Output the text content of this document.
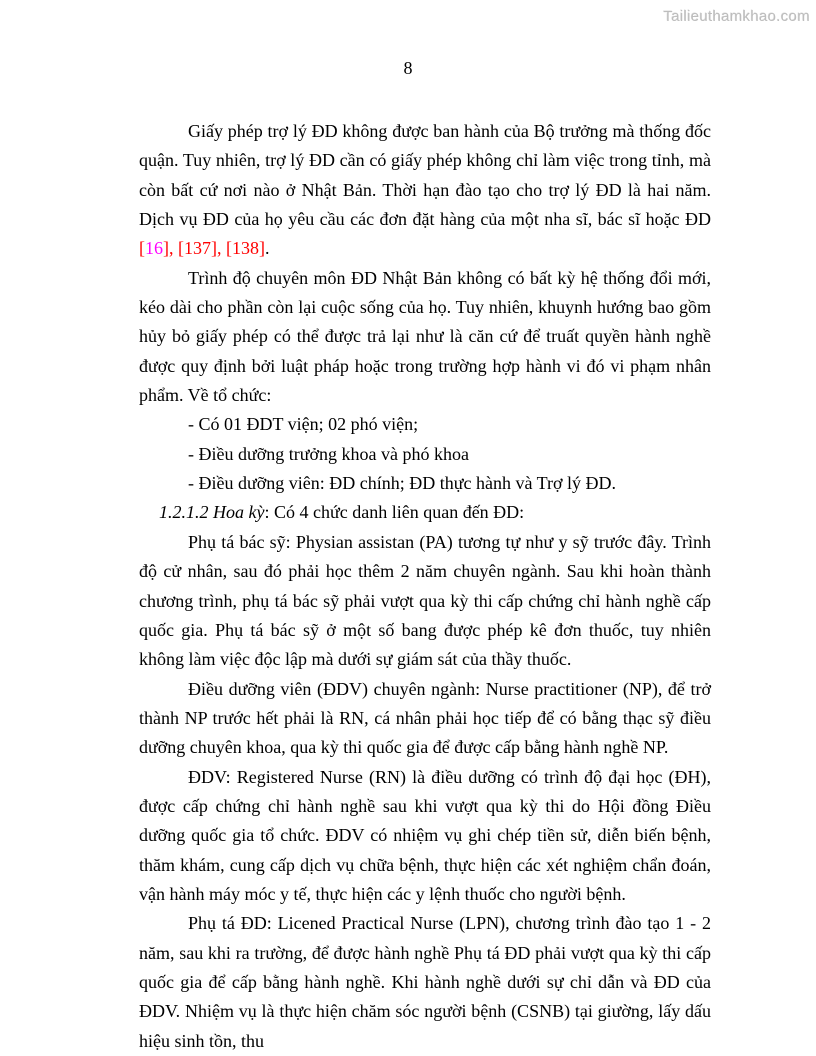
Tailieuthamkhao.com
8

Giấy phép trợ lý ĐD không được ban hành của Bộ trưởng mà thống đốc quận. Tuy nhiên, trợ lý ĐD cần có giấy phép không chỉ làm việc trong tỉnh, mà còn bất cứ nơi nào ở Nhật Bản. Thời hạn đào tạo cho trợ lý ĐD là hai năm. Dịch vụ ĐD của họ yêu cầu các đơn đặt hàng của một nha sĩ, bác sĩ hoặc ĐD [16], [137], [138].

Trình độ chuyên môn ĐD Nhật Bản không có bất kỳ hệ thống đổi mới, kéo dài cho phần còn lại cuộc sống của họ. Tuy nhiên, khuynh hướng bao gồm hủy bỏ giấy phép có thể được trả lại như là căn cứ để truất quyền hành nghề được quy định bởi luật pháp hoặc trong trường hợp hành vi đó vi phạm nhân phẩm. Về tổ chức:

- Có 01 ĐDT viện; 02 phó viện;

- Điều dưỡng trưởng khoa và phó khoa

- Điều dưỡng viên: ĐD chính; ĐD thực hành và Trợ lý ĐD.

1.2.1.2 Hoa kỳ: Có 4 chức danh liên quan đến ĐD:

Phụ tá bác sỹ: Physian assistan (PA) tương tự như y sỹ trước đây. Trình độ cử nhân, sau đó phải học thêm 2 năm chuyên ngành. Sau khi hoàn thành chương trình, phụ tá bác sỹ phải vượt qua kỳ thi cấp chứng chỉ hành nghề cấp quốc gia. Phụ tá bác sỹ ở một số bang được phép kê đơn thuốc, tuy nhiên không làm việc độc lập mà dưới sự giám sát của thầy thuốc.

Điều dưỡng viên (ĐDV) chuyên ngành: Nurse practitioner (NP), để trở thành NP trước hết phải là RN, cá nhân phải học tiếp để có bằng thạc sỹ điều dưỡng chuyên khoa, qua kỳ thi quốc gia để được cấp bằng hành nghề NP.

ĐDV: Registered Nurse (RN) là điều dưỡng có trình độ đại học (ĐH), được cấp chứng chỉ hành nghề sau khi vượt qua kỳ thi do Hội đồng Điều dưỡng quốc gia tổ chức. ĐDV có nhiệm vụ ghi chép tiền sử, diễn biến bệnh, thăm khám, cung cấp dịch vụ chữa bệnh, thực hiện các xét nghiệm chẩn đoán, vận hành máy móc y tế, thực hiện các y lệnh thuốc cho người bệnh.

Phụ tá ĐD: Licened Practical Nurse (LPN), chương trình đào tạo 1 - 2 năm, sau khi ra trường, để được hành nghề Phụ tá ĐD phải vượt qua kỳ thi cấp quốc gia để cấp bằng hành nghề. Khi hành nghề dưới sự chỉ dẫn và ĐD của ĐDV. Nhiệm vụ là thực hiện chăm sóc người bệnh (CSNB) tại giường, lấy dấu hiệu sinh tồn, thu
